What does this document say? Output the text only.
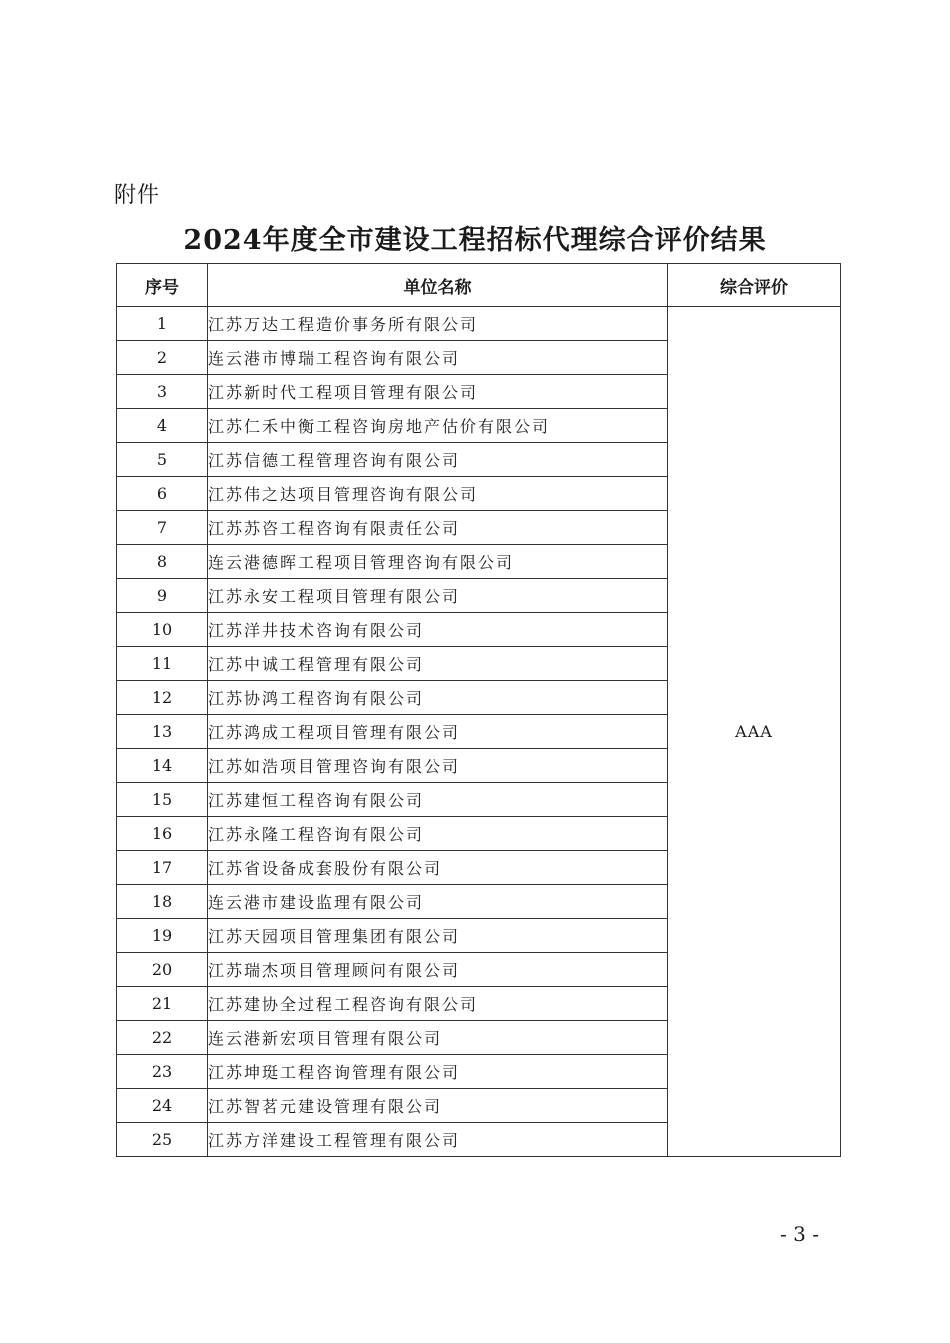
附件
2024年度全市建设工程招标代理综合评价结果
序号	单位名称	综合评价
1	江苏万达工程造价事务所有限公司	AAA
2	连云港市博瑞工程咨询有限公司	
3	江苏新时代工程项目管理有限公司	
4	江苏仁禾中衡工程咨询房地产估价有限公司	
5	江苏信德工程管理咨询有限公司	
6	江苏伟之达项目管理咨询有限公司	
7	江苏苏咨工程咨询有限责任公司	
8	连云港德晖工程项目管理咨询有限公司	
9	江苏永安工程项目管理有限公司	
10	江苏洋井技术咨询有限公司	
11	江苏中诚工程管理有限公司	
12	江苏协鸿工程咨询有限公司	
13	江苏鸿成工程项目管理有限公司	
14	江苏如浩项目管理咨询有限公司	
15	江苏建恒工程咨询有限公司	
16	江苏永隆工程咨询有限公司	
17	江苏省设备成套股份有限公司	
18	连云港市建设监理有限公司	
19	江苏天园项目管理集团有限公司	
20	江苏瑞杰项目管理顾问有限公司	
21	江苏建协全过程工程咨询有限公司	
22	连云港新宏项目管理有限公司	
23	江苏坤珽工程咨询管理有限公司	
24	江苏智茗元建设管理有限公司	
25	江苏方洋建设工程管理有限公司	
- 3 -
